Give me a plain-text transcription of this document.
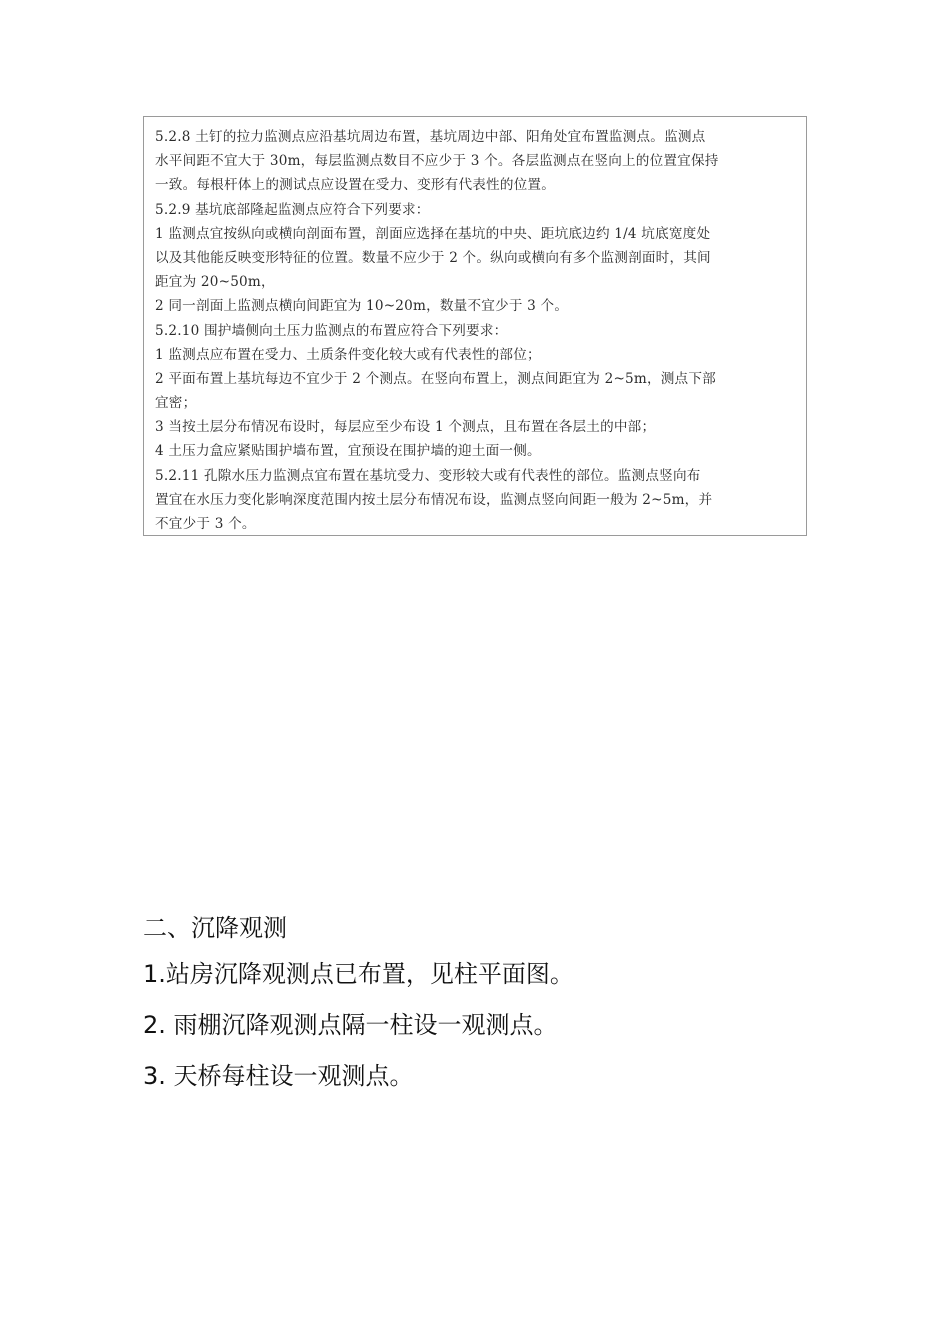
5.2.8 土钉的拉力监测点应沿基坑周边布置，基坑周边中部、阳角处宜布置监测点。监测点
水平间距不宜大于 30m，每层监测点数目不应少于 3 个。各层监测点在竖向上的位置宜保持
一致。每根杆体上的测试点应设置在受力、变形有代表性的位置。
5.2.9 基坑底部隆起监测点应符合下列要求：
1 监测点宜按纵向或横向剖面布置，剖面应选择在基坑的中央、距坑底边约 1/4 坑底宽度处
以及其他能反映变形特征的位置。数量不应少于 2 个。纵向或横向有多个监测剖面时，其间
距宜为 20~50m，
2 同一剖面上监测点横向间距宜为 10~20m，数量不宜少于 3 个。
5.2.10 围护墙侧向土压力监测点的布置应符合下列要求：
1 监测点应布置在受力、土质条件变化较大或有代表性的部位；
2 平面布置上基坑每边不宜少于 2 个测点。在竖向布置上，测点间距宜为 2~5m，测点下部
宜密；
3 当按土层分布情况布设时，每层应至少布设 1 个测点，且布置在各层土的中部；
4 土压力盒应紧贴围护墙布置，宜预设在围护墙的迎土面一侧。
5.2.11 孔隙水压力监测点宜布置在基坑受力、变形较大或有代表性的部位。监测点竖向布
置宜在水压力变化影响深度范围内按土层分布情况布设，监测点竖向间距一般为 2~5m，并
不宜少于 3 个。
二、沉降观测
1.站房沉降观测点已布置，见柱平面图。
2. 雨棚沉降观测点隔一柱设一观测点。
3. 天桥每柱设一观测点。
